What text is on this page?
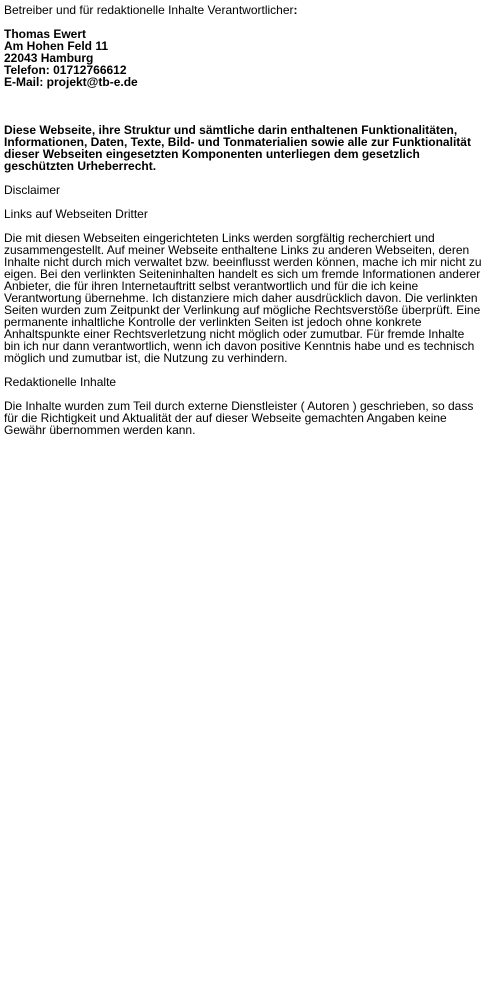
Betreiber und für redaktionelle Inhalte Verantwortlicher:

Thomas Ewert
Am Hohen Feld 11
22043 Hamburg
Telefon: 01712766612
E-Mail: projekt@tb-e.de

Diese Webseite, ihre Struktur und sämtliche darin enthaltenen Funktionalitäten, Informationen, Daten, Texte, Bild- und Tonmaterialien sowie alle zur Funktionalität dieser Webseiten eingesetzten Komponenten unterliegen dem gesetzlich geschützten Urheberrecht.

Disclaimer

Links auf Webseiten Dritter

Die mit diesen Webseiten eingerichteten Links werden sorgfältig recherchiert und zusammengestellt. Auf meiner Webseite enthaltene Links zu anderen Webseiten, deren Inhalte nicht durch mich verwaltet bzw. beeinflusst werden können, mache ich mir nicht zu eigen. Bei den verlinkten Seiteninhalten handelt es sich um fremde Informationen anderer Anbieter, die für ihren Internetauftritt selbst verantwortlich und für die ich keine Verantwortung übernehme. Ich distanziere mich daher ausdrücklich davon. Die verlinkten Seiten wurden zum Zeitpunkt der Verlinkung auf mögliche Rechtsverstöße überprüft. Eine permanente inhaltliche Kontrolle der verlinkten Seiten ist jedoch ohne konkrete Anhaltspunkte einer Rechtsverletzung nicht möglich oder zumutbar. Für fremde Inhalte bin ich nur dann verantwortlich, wenn ich davon positive Kenntnis habe und es technisch möglich und zumutbar ist, die Nutzung zu verhindern.

Redaktionelle Inhalte

Die Inhalte wurden zum Teil durch externe Dienstleister ( Autoren ) geschrieben, so dass für die Richtigkeit und Aktualität der auf dieser Webseite gemachten Angaben keine Gewähr übernommen werden kann.
